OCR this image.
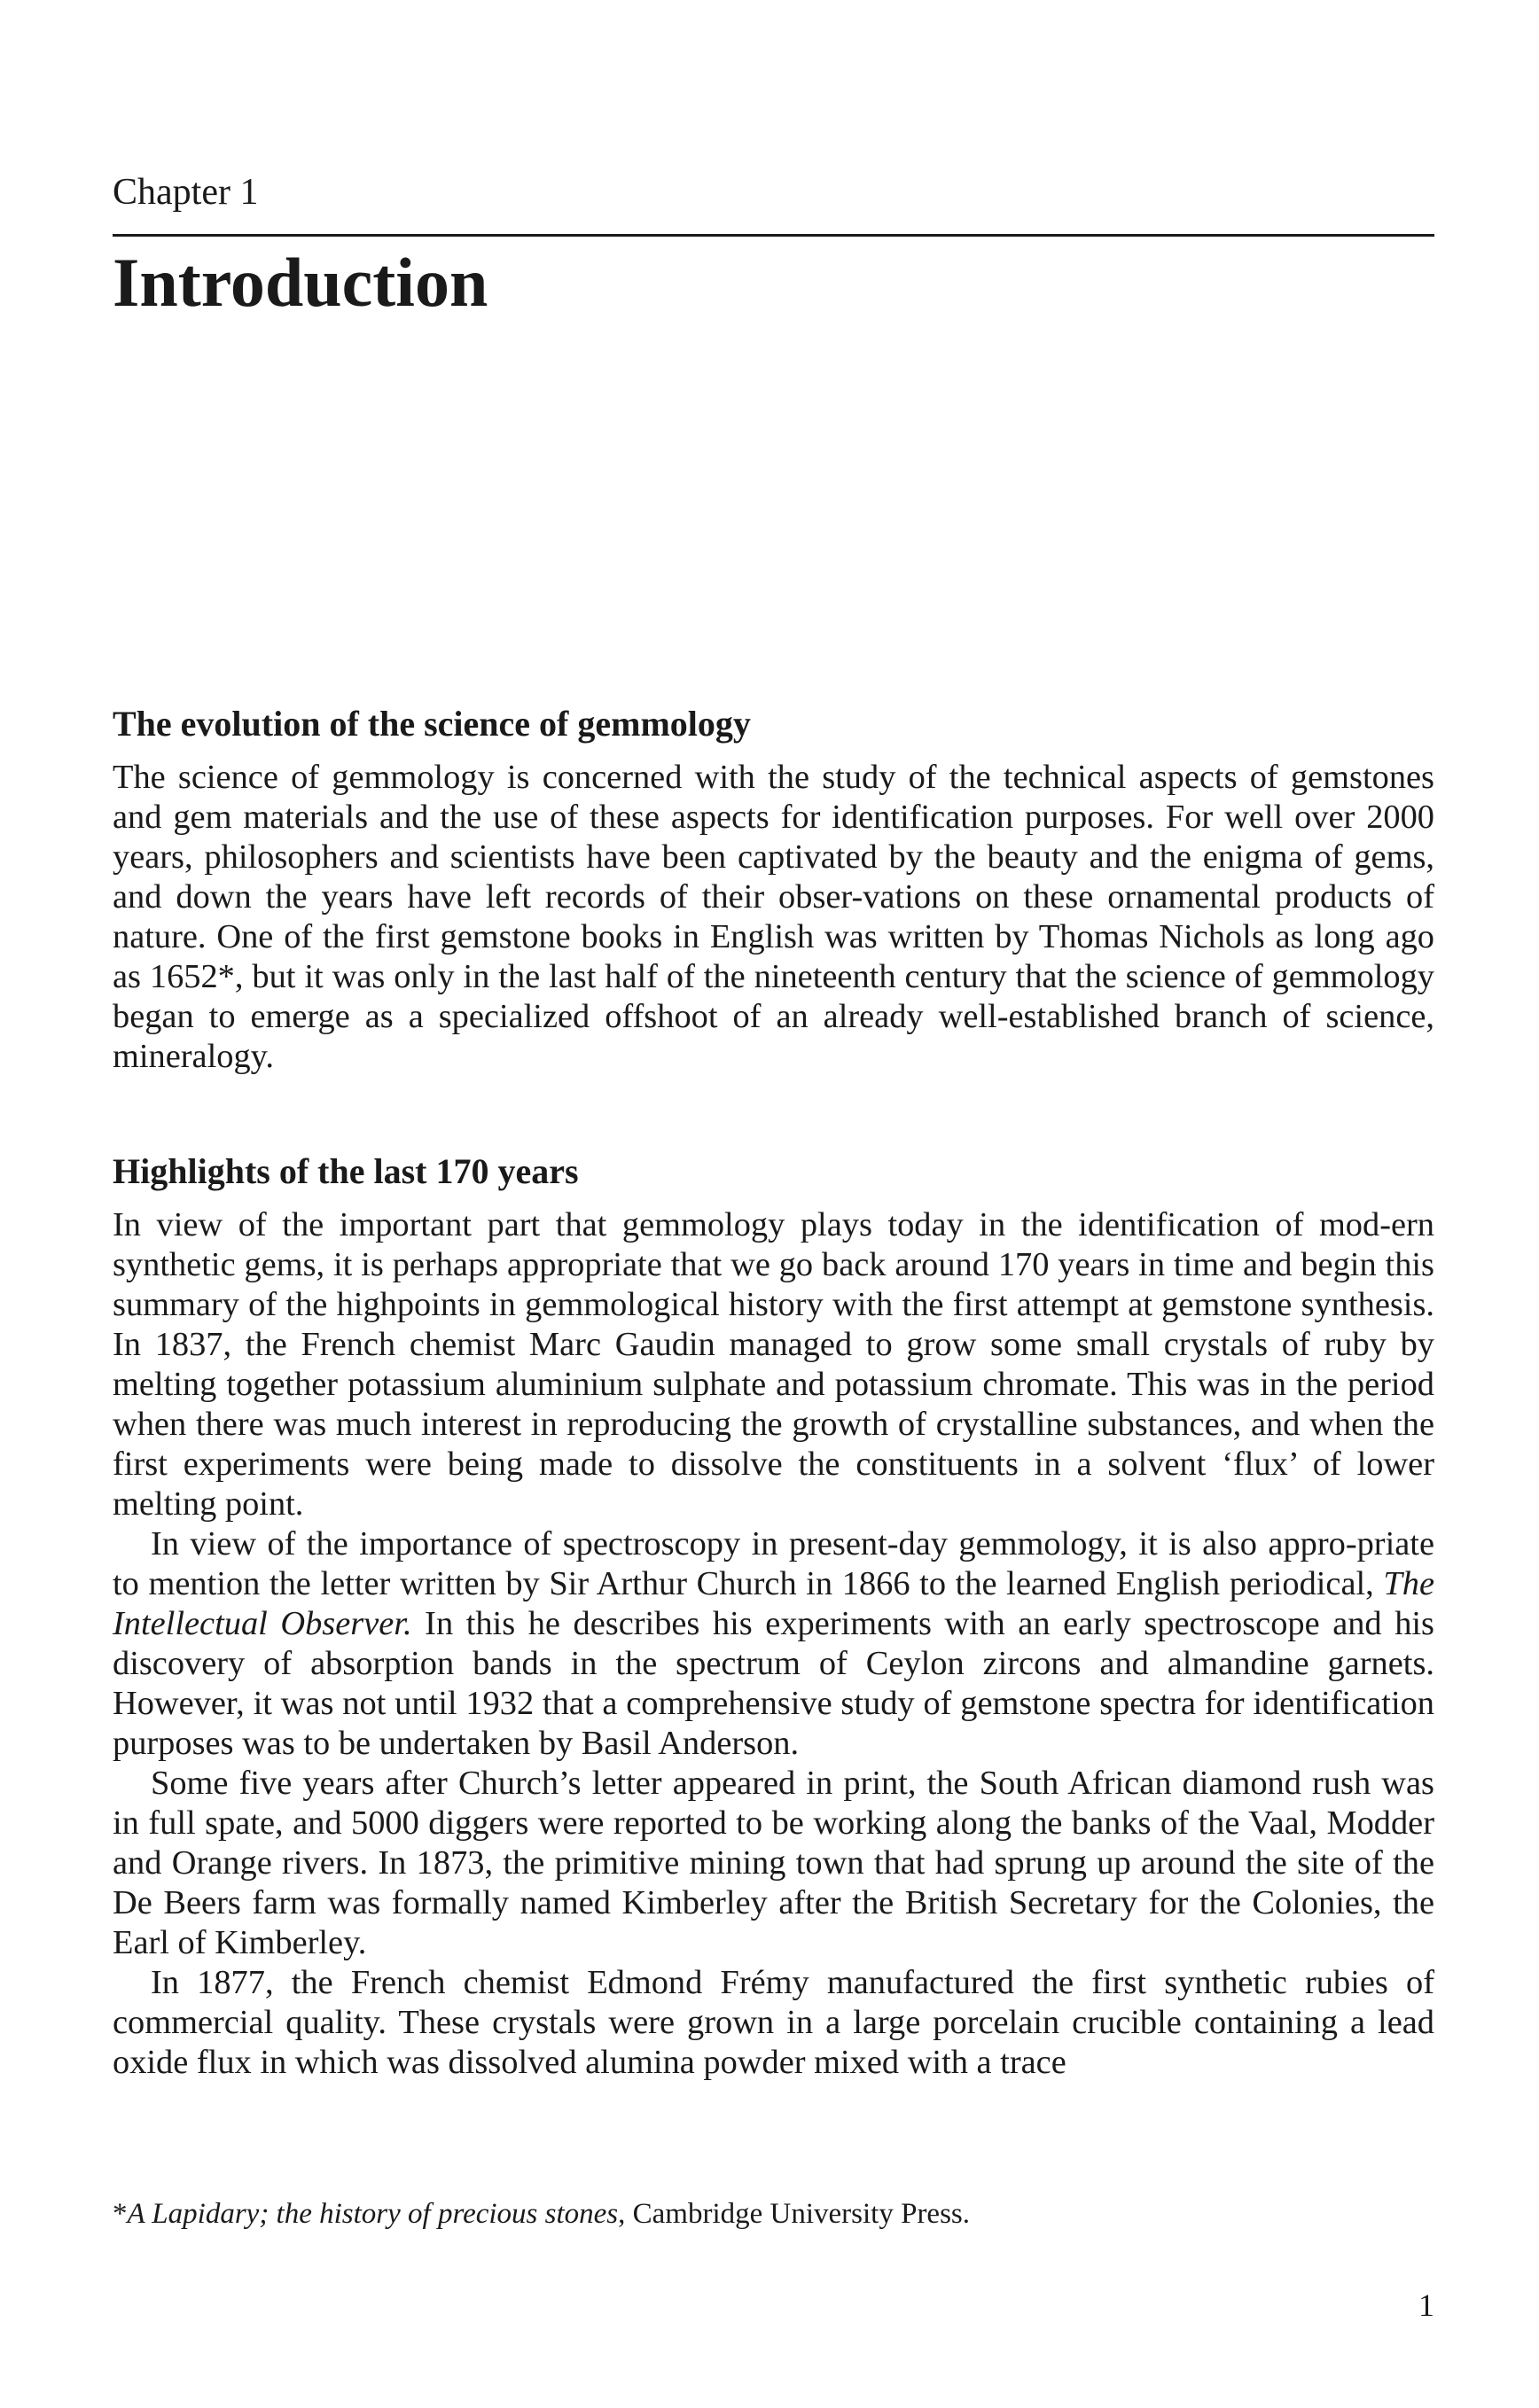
Chapter 1

Introduction
The evolution of the science of gemmology

The science of gemmology is concerned with the study of the technical aspects of gemstones and gem materials and the use of these aspects for identification purposes. For well over 2000 years, philosophers and scientists have been captivated by the beauty and the enigma of gems, and down the years have left records of their obser-vations on these ornamental products of nature. One of the first gemstone books in English was written by Thomas Nichols as long ago as 1652*, but it was only in the last half of the nineteenth century that the science of gemmology began to emerge as a specialized offshoot of an already well-established branch of science, mineralogy.

Highlights of the last 170 years

In view of the important part that gemmology plays today in the identification of mod-ern synthetic gems, it is perhaps appropriate that we go back around 170 years in time and begin this summary of the highpoints in gemmological history with the first attempt at gemstone synthesis. In 1837, the French chemist Marc Gaudin managed to grow some small crystals of ruby by melting together potassium aluminium sulphate and potassium chromate. This was in the period when there was much interest in reproducing the growth of crystalline substances, and when the first experiments were being made to dissolve the constituents in a solvent ‘flux’ of lower melting point.

In view of the importance of spectroscopy in present-day gemmology, it is also appro-priate to mention the letter written by Sir Arthur Church in 1866 to the learned English periodical, The Intellectual Observer. In this he describes his experiments with an early spectroscope and his discovery of absorption bands in the spectrum of Ceylon zircons and almandine garnets. However, it was not until 1932 that a comprehensive study of gemstone spectra for identification purposes was to be undertaken by Basil Anderson.

Some five years after Church’s letter appeared in print, the South African diamond rush was in full spate, and 5000 diggers were reported to be working along the banks of the Vaal, Modder and Orange rivers. In 1873, the primitive mining town that had sprung up around the site of the De Beers farm was formally named Kimberley after the British Secretary for the Colonies, the Earl of Kimberley.

In 1877, the French chemist Edmond Frémy manufactured the first synthetic rubies of commercial quality. These crystals were grown in a large porcelain crucible containing a lead oxide flux in which was dissolved alumina powder mixed with a trace

*A Lapidary; the history of precious stones, Cambridge University Press.

1
